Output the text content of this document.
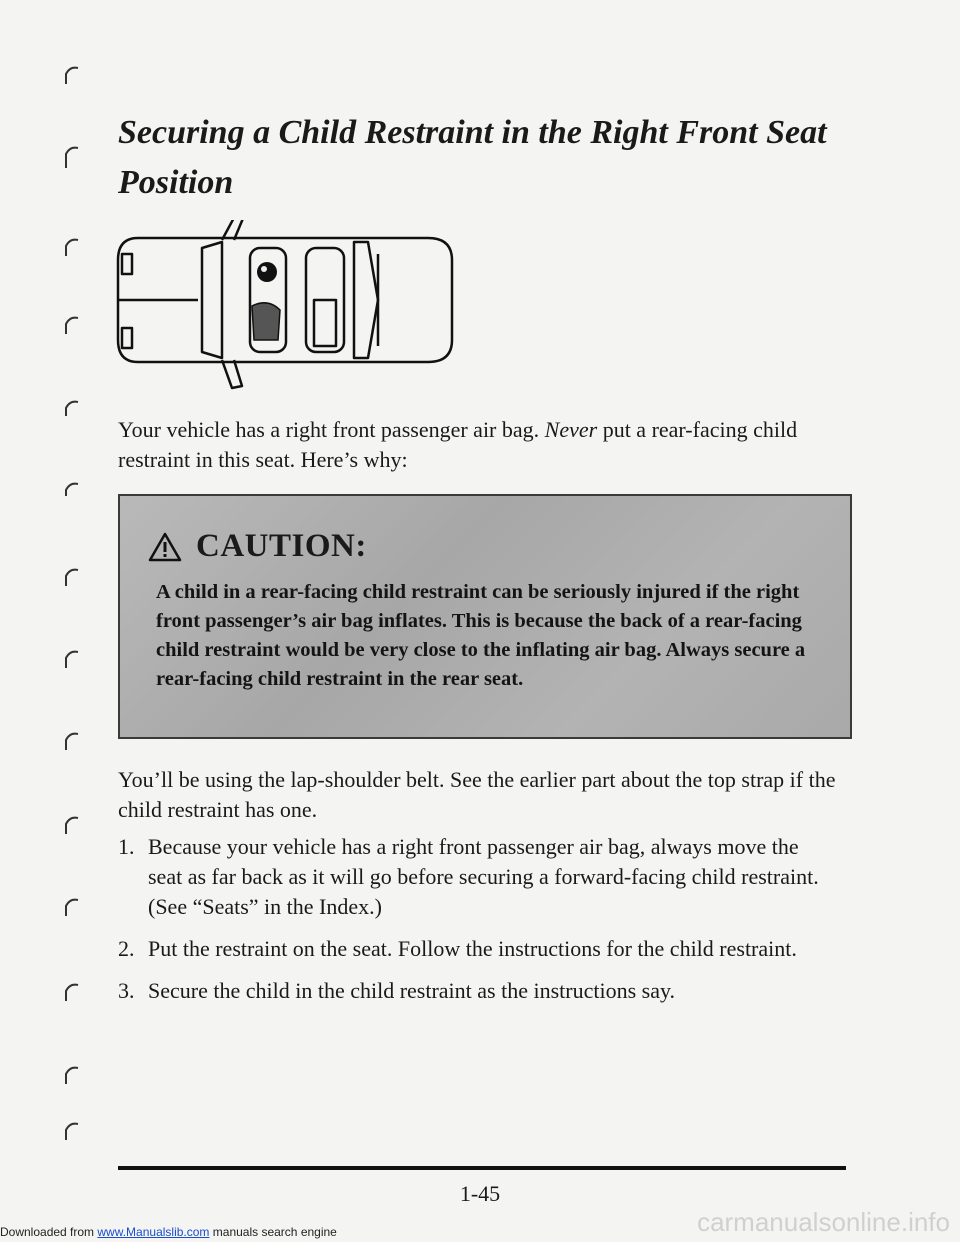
Securing a Child Restraint in the Right Front Seat Position

Your vehicle has a right front passenger air bag. Never put a rear-facing child restraint in this seat. Here’s why:

CAUTION:

A child in a rear-facing child restraint can be seriously injured if the right front passenger’s air bag inflates. This is because the back of a rear-facing child restraint would be very close to the inflating air bag. Always secure a rear-facing child restraint in the rear seat.

You’ll be using the lap-shoulder belt. See the earlier part about the top strap if the child restraint has one.

1. Because your vehicle has a right front passenger air bag, always move the seat as far back as it will go before securing a forward-facing child restraint. (See “Seats” in the Index.)
2. Put the restraint on the seat. Follow the instructions for the child restraint.
3. Secure the child in the child restraint as the instructions say.

1-45

Downloaded from www.Manualslib.com manuals search engine	carmanualsonline.info
